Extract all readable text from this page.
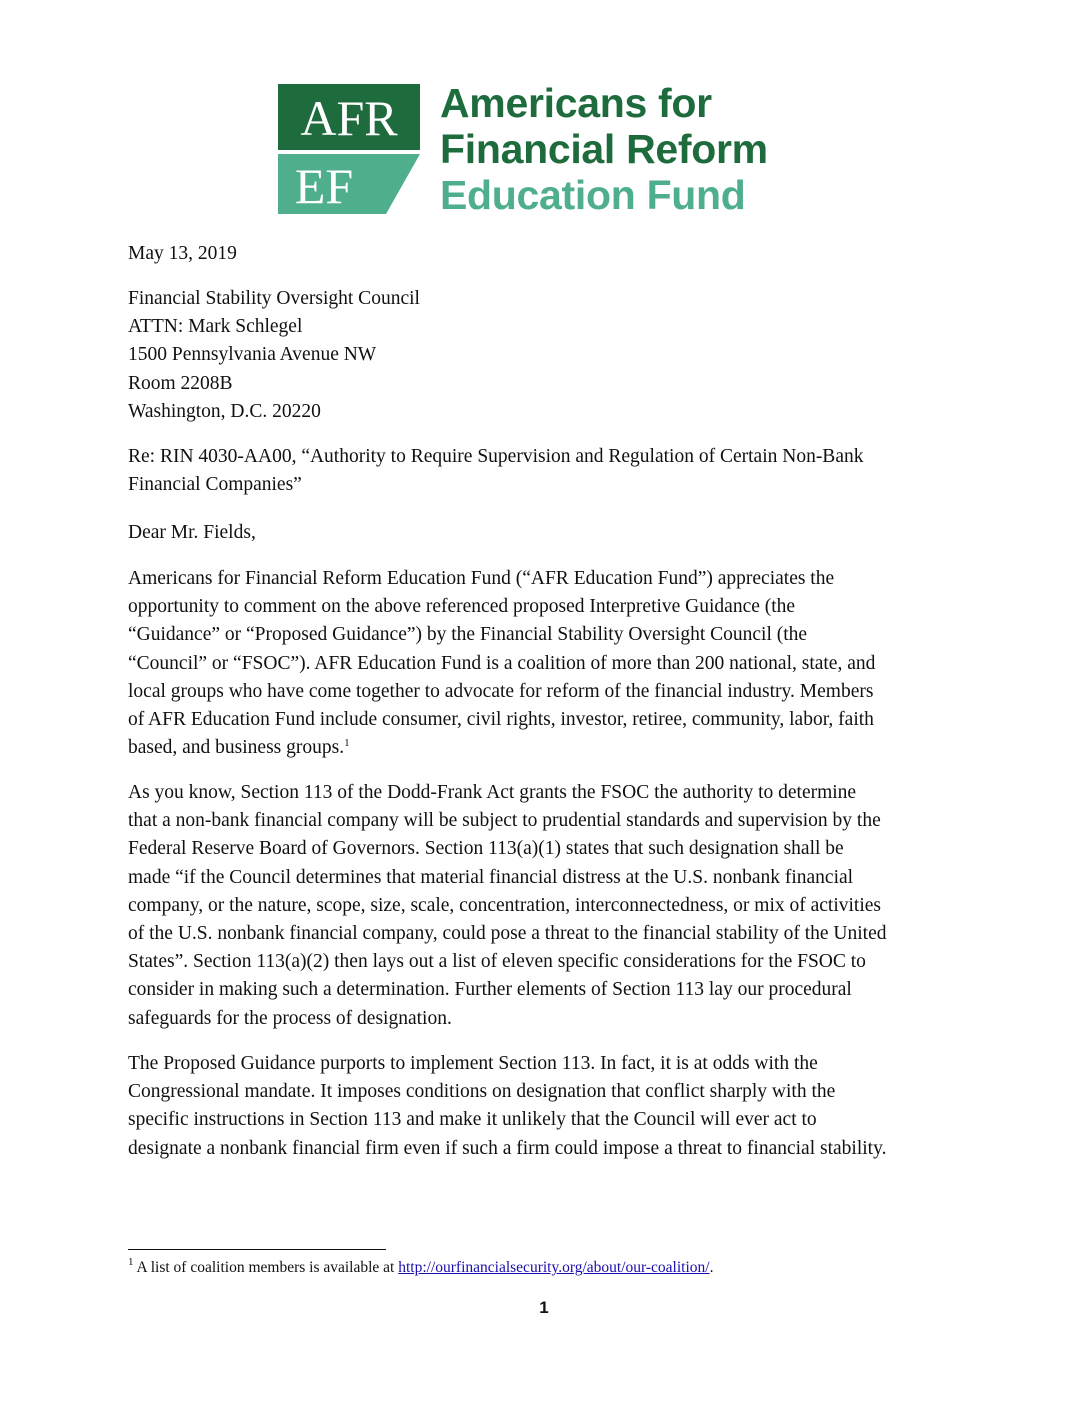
AFR
EF
Americans for
Financial Reform
Education Fund
May 13, 2019
Financial Stability Oversight Council
ATTN: Mark Schlegel
1500 Pennsylvania Avenue NW
Room 2208B
Washington, D.C. 20220
Re: RIN 4030-AA00, “Authority to Require Supervision and Regulation of Certain Non-Bank
Financial Companies”
Dear Mr. Fields,
Americans for Financial Reform Education Fund (“AFR Education Fund”) appreciates the
opportunity to comment on the above referenced proposed Interpretive Guidance (the
“Guidance” or “Proposed Guidance”) by the Financial Stability Oversight Council (the
“Council” or “FSOC”). AFR Education Fund is a coalition of more than 200 national, state, and
local groups who have come together to advocate for reform of the financial industry. Members
of AFR Education Fund include consumer, civil rights, investor, retiree, community, labor, faith
based, and business groups.$^1$
As you know, Section 113 of the Dodd-Frank Act grants the FSOC the authority to determine
that a non-bank financial company will be subject to prudential standards and supervision by the
Federal Reserve Board of Governors. Section 113(a)(1) states that such designation shall be
made “if the Council determines that material financial distress at the U.S. nonbank financial
company, or the nature, scope, size, scale, concentration, interconnectedness, or mix of activities
of the U.S. nonbank financial company, could pose a threat to the financial stability of the United
States”. Section 113(a)(2) then lays out a list of eleven specific considerations for the FSOC to
consider in making such a determination. Further elements of Section 113 lay our procedural
safeguards for the process of designation.
The Proposed Guidance purports to implement Section 113. In fact, it is at odds with the
Congressional mandate. It imposes conditions on designation that conflict sharply with the
specific instructions in Section 113 and make it unlikely that the Council will ever act to
designate a nonbank financial firm even if such a firm could impose a threat to financial stability.
$^1$ A list of coalition members is available at http://ourfinancialsecurity.org/about/our-coalition/.
1
